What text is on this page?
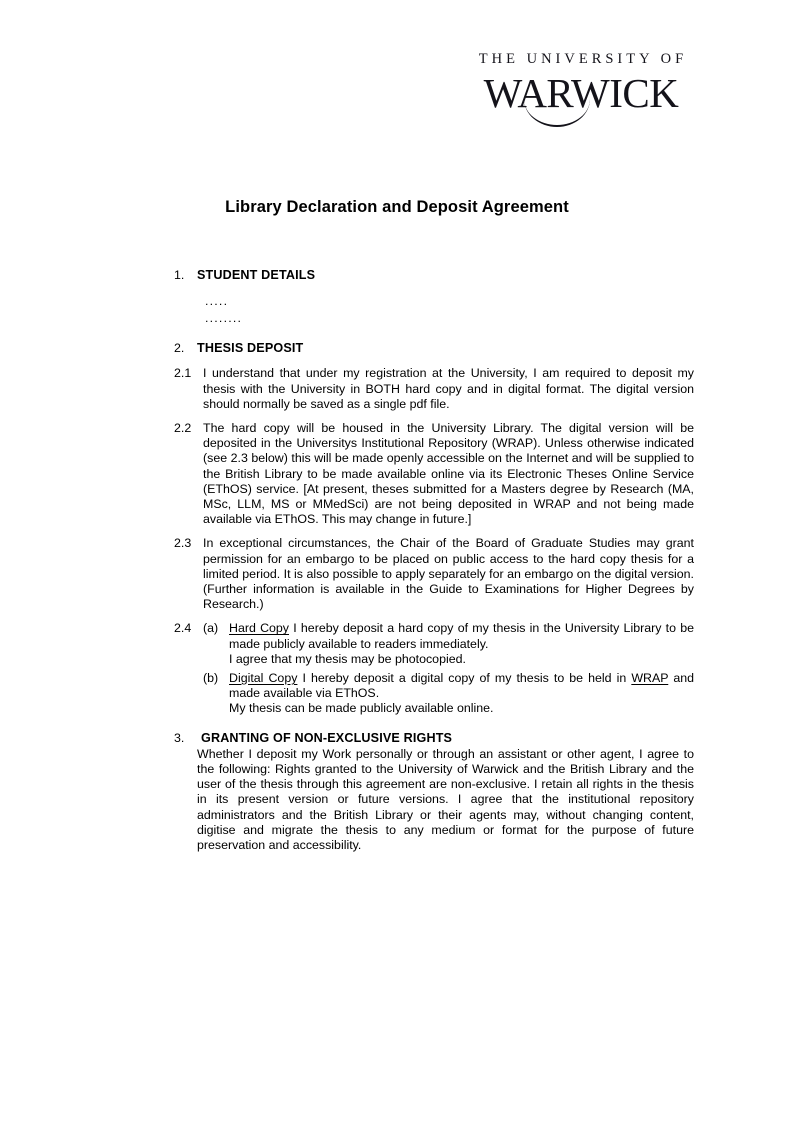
THE UNIVERSITY OF
WARWICK
Library Declaration and Deposit Agreement
1.	STUDENT DETAILS
.....
........
2.	THESIS DEPOSIT
2.1 I understand that under my registration at the University, I am required to deposit my thesis with the University in BOTH hard copy and in digital format. The digital version should normally be saved as a single pdf file.

2.2 The hard copy will be housed in the University Library. The digital version will be deposited in the Universitys Institutional Repository (WRAP). Unless otherwise indicated (see 2.3 below) this will be made openly accessible on the Internet and will be supplied to the British Library to be made available online via its Electronic Theses Online Service (EThOS) service. [At present, theses submitted for a Masters degree by Research (MA, MSc, LLM, MS or MMedSci) are not being deposited in WRAP and not being made available via EThOS. This may change in future.]

2.3 In exceptional circumstances, the Chair of the Board of Graduate Studies may grant permission for an embargo to be placed on public access to the hard copy thesis for a limited period. It is also possible to apply separately for an embargo on the digital version. (Further information is available in the Guide to Examinations for Higher Degrees by Research.)

2.4 (a) Hard Copy I hereby deposit a hard copy of my thesis in the University Library to be made publicly available to readers immediately.

I agree that my thesis may be photocopied.

(b) Digital Copy I hereby deposit a digital copy of my thesis to be held in WRAP and made available via EThOS.

My thesis can be made publicly available online.

3.	GRANTING OF NON-EXCLUSIVE RIGHTS

Whether I deposit my Work personally or through an assistant or other agent, I agree to the following: Rights granted to the University of Warwick and the British Library and the user of the thesis through this agreement are non-exclusive. I retain all rights in the thesis in its present version or future versions. I agree that the institutional repository administrators and the British Library or their agents may, without changing content, digitise and migrate the thesis to any medium or format for the purpose of future preservation and accessibility.
